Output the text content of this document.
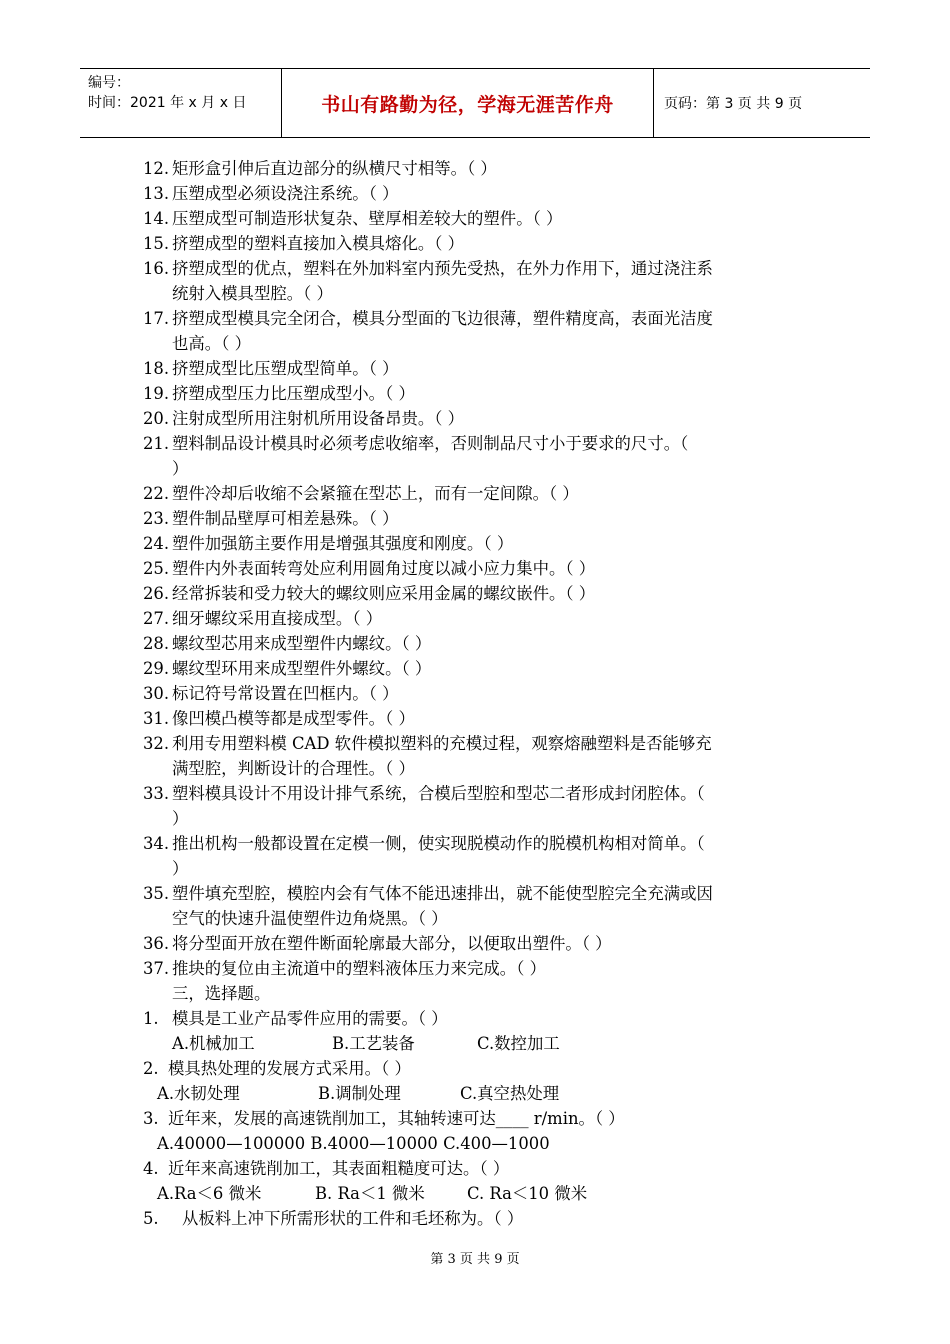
编号：
时间：2021 年 x 月 x 日	书山有路勤为径，学海无涯苦作舟	页码：第 3 页 共 9 页
12. 矩形盒引伸后直边部分的纵横尺寸相等。（ ）
13. 压塑成型必须设浇注系统。（ ）
14. 压塑成型可制造形状复杂、壁厚相差较大的塑件。（ ）
15. 挤塑成型的塑料直接加入模具熔化。（ ）
16. 挤塑成型的优点，塑料在外加料室内预先受热，在外力作用下，通过浇注系
统射入模具型腔。（ ）
17. 挤塑成型模具完全闭合，模具分型面的飞边很薄，塑件精度高，表面光洁度
也高。（ ）
18. 挤塑成型比压塑成型简单。（ ）
19. 挤塑成型压力比压塑成型小。（ ）
20. 注射成型所用注射机所用设备昂贵。（ ）
21. 塑料制品设计模具时必须考虑收缩率，否则制品尺寸小于要求的尺寸。（
）
22. 塑件冷却后收缩不会紧箍在型芯上，而有一定间隙。（ ）
23. 塑件制品壁厚可相差悬殊。（ ）
24. 塑件加强筋主要作用是增强其强度和刚度。（ ）
25. 塑件内外表面转弯处应利用圆角过度以减小应力集中。（ ）
26. 经常拆装和受力较大的螺纹则应采用金属的螺纹嵌件。（ ）
27. 细牙螺纹采用直接成型。（ ）
28. 螺纹型芯用来成型塑件内螺纹。（ ）
29. 螺纹型环用来成型塑件外螺纹。（ ）
30. 标记符号常设置在凹框内。（ ）
31. 像凹模凸模等都是成型零件。（ ）
32. 利用专用塑料模 CAD 软件模拟塑料的充模过程，观察熔融塑料是否能够充
满型腔，判断设计的合理性。（ ）
33. 塑料模具设计不用设计排气系统，合模后型腔和型芯二者形成封闭腔体。（
）
34. 推出机构一般都设置在定模一侧，使实现脱模动作的脱模机构相对简单。（
）
35. 塑件填充型腔，模腔内会有气体不能迅速排出，就不能使型腔完全充满或因
空气的快速升温使塑件边角烧黑。（ ）
36. 将分型面开放在塑件断面轮廓最大部分，以便取出塑件。（ ）
37. 推块的复位由主流道中的塑料液体压力来完成。（ ）
三，选择题。
1. 模具是工业产品零件应用的需要。（ ）
A.机械加工	B.工艺装备	C.数控加工
2. 模具热处理的发展方式采用。（ ）
A.水韧处理	B.调制处理	C.真空热处理
3. 近年来，发展的高速铣削加工，其轴转速可达____ r/min。（ ）
A.40000—100000 B.4000—10000 C.400—1000
4. 近年来高速铣削加工，其表面粗糙度可达。（ ）
A.Ra＜6 微米	B. Ra＜1 微米	C. Ra＜10 微米
5. 从板料上冲下所需形状的工件和毛坯称为。（ ）
第 3 页 共 9 页
